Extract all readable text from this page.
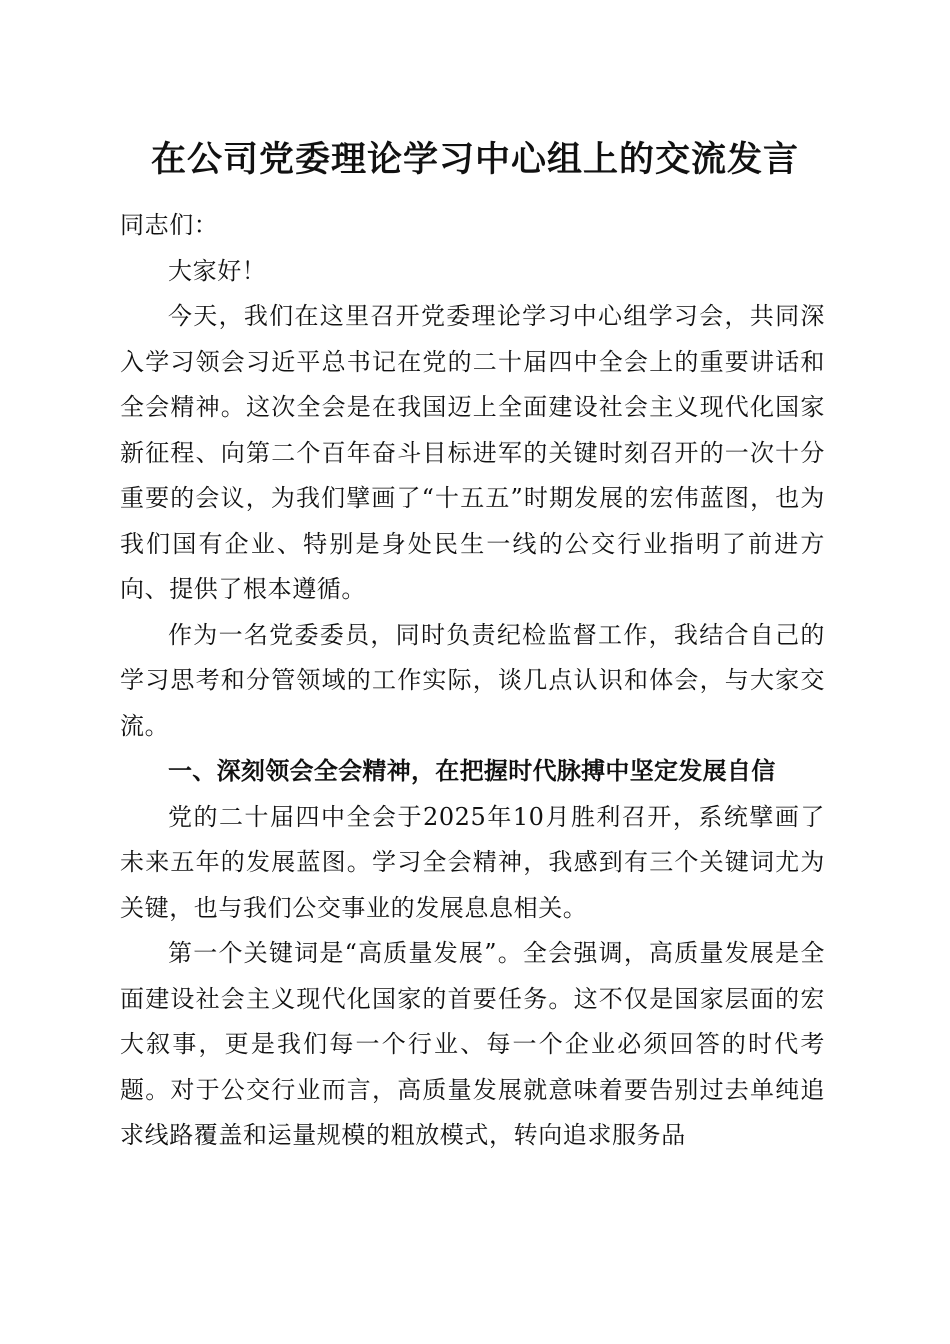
在公司党委理论学习中心组上的交流发言

同志们：

大家好！

今天，我们在这里召开党委理论学习中心组学习会，共同深入学习领会习近平总书记在党的二十届四中全会上的重要讲话和全会精神。这次全会是在我国迈上全面建设社会主义现代化国家新征程、向第二个百年奋斗目标进军的关键时刻召开的一次十分重要的会议，为我们擘画了“十五五”时期发展的宏伟蓝图，也为我们国有企业、特别是身处民生一线的公交行业指明了前进方向、提供了根本遵循。

作为一名党委委员，同时负责纪检监督工作，我结合自己的学习思考和分管领域的工作实际，谈几点认识和体会，与大家交流。

一、深刻领会全会精神，在把握时代脉搏中坚定发展自信

党的二十届四中全会于2025年10月胜利召开，系统擘画了未来五年的发展蓝图。学习全会精神，我感到有三个关键词尤为关键，也与我们公交事业的发展息息相关。

第一个关键词是“高质量发展”。全会强调，高质量发展是全面建设社会主义现代化国家的首要任务。这不仅是国家层面的宏大叙事，更是我们每一个行业、每一个企业必须回答的时代考题。对于公交行业而言，高质量发展就意味着要告别过去单纯追求线路覆盖和运量规模的粗放模式，转向追求服务品
